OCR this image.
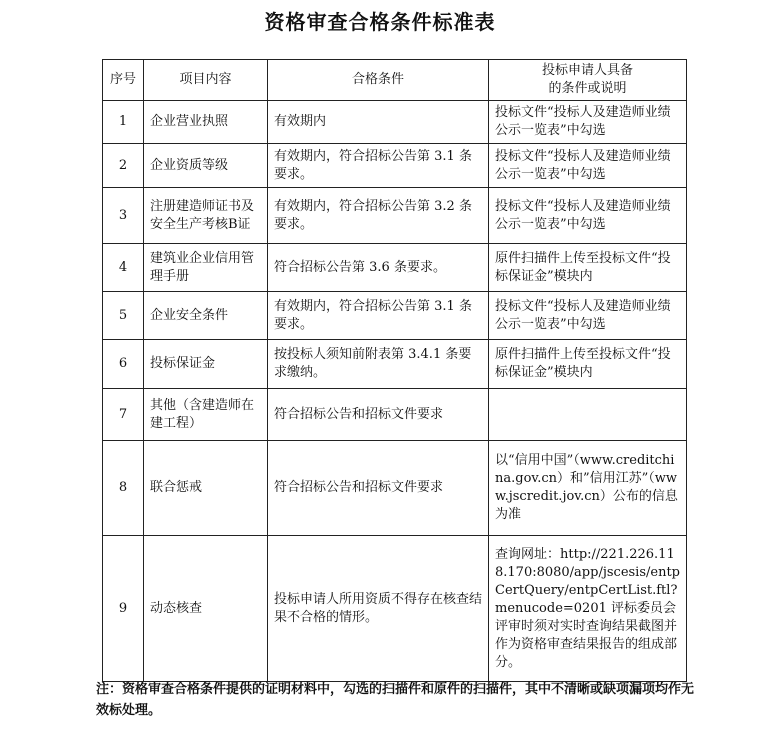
资格审查合格条件标准表
序号	项目内容	合格条件	投标申请人具备
的条件或说明
1	企业营业执照	有效期内	投标文件“投标人及建造师业绩公示一览表”中勾选
2	企业资质等级	有效期内，符合招标公告第 3.1 条要求。	投标文件“投标人及建造师业绩公示一览表”中勾选
3	注册建造师证书及安全生产考核B证	有效期内，符合招标公告第 3.2 条要求。	投标文件“投标人及建造师业绩公示一览表”中勾选
4	建筑业企业信用管理手册	符合招标公告第 3.6 条要求。	原件扫描件上传至投标文件“投标保证金”模块内
5	企业安全条件	有效期内，符合招标公告第 3.1 条要求。	投标文件“投标人及建造师业绩公示一览表”中勾选
6	投标保证金	按投标人须知前附表第 3.4.1 条要求缴纳。	原件扫描件上传至投标文件“投标保证金”模块内
7	其他（含建造师在建工程）	符合招标公告和招标文件要求	
8	联合惩戒	符合招标公告和招标文件要求	以“信用中国”（www.creditchina.gov.cn）和”信用江苏”（www.jscredit.jov.cn）公布的信息为准
9	动态核查	投标申请人所用资质不得存在核查结果不合格的情形。	查询网址：http://221.226.118.170:8080/app/jscesis/entpCertQuery/entpCertList.ftl?menucode=0201 评标委员会评审时须对实时查询结果截图并作为资格审查结果报告的组成部分。
注：资格审查合格条件提供的证明材料中，勾选的扫描件和原件的扫描件，其中不清晰或缺项漏项均作无效标处理。
